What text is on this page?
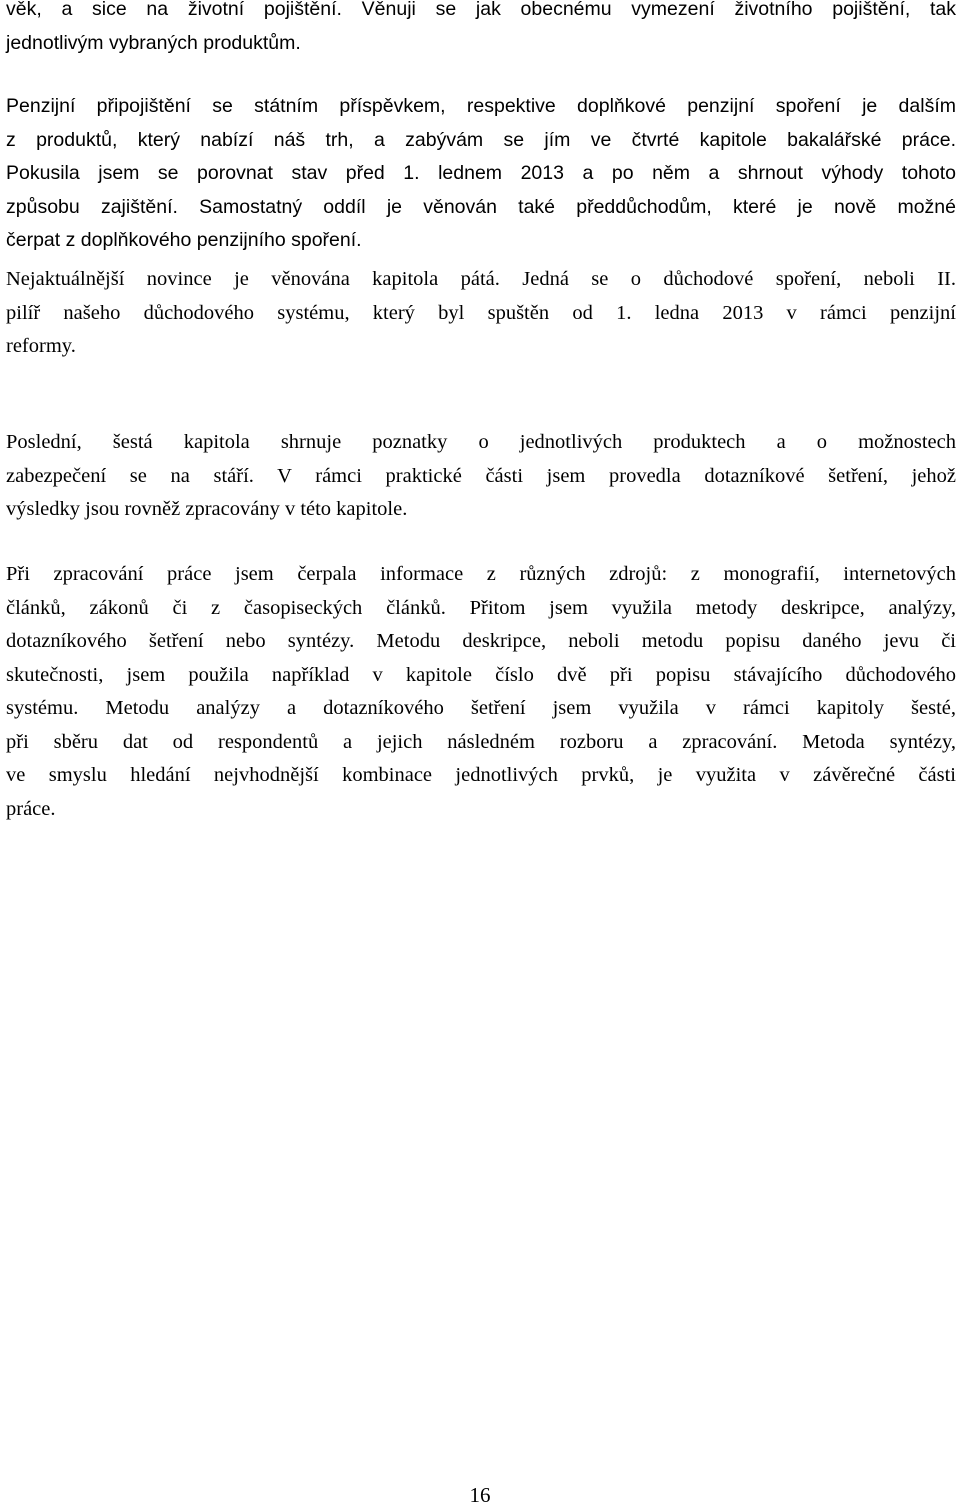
věk, a sice na životní pojištění. Věnuji se jak obecnému vymezení životního pojištění, tak
jednotlivým vybraných produktům.

Penzijní připojištění se státním příspěvkem, respektive doplňkové penzijní spoření je dalším
z produktů, který nabízí náš trh, a zabývám se jím ve čtvrté kapitole bakalářské práce.
Pokusila jsem se porovnat stav před 1. lednem 2013 a po něm a shrnout výhody tohoto
způsobu zajištění. Samostatný oddíl je věnován také předdůchodům, které je nově možné
čerpat z doplňkového penzijního spoření.

Nejaktuálnější novince je věnována kapitola pátá. Jedná se o důchodové spoření, neboli II.
pilíř našeho důchodového systému, který byl spuštěn od 1. ledna 2013 v rámci penzijní
reformy.

Poslední, šestá kapitola shrnuje poznatky o jednotlivých produktech a o možnostech
zabezpečení se na stáří. V rámci praktické části jsem provedla dotazníkové šetření, jehož
výsledky jsou rovněž zpracovány v této kapitole.

Při zpracování práce jsem čerpala informace z různých zdrojů: z monografií, internetových
článků, zákonů či z časopiseckých článků. Přitom jsem využila metody deskripce, analýzy,
dotazníkového šetření nebo syntézy. Metodu deskripce, neboli metodu popisu daného jevu či
skutečnosti, jsem použila například v kapitole číslo dvě při popisu stávajícího důchodového
systému. Metodu analýzy a dotazníkového šetření jsem využila v rámci kapitoly šesté,
při sběru dat od respondentů a jejich následném rozboru a zpracování. Metoda syntézy,
ve smyslu hledání nejvhodnější kombinace jednotlivých prvků, je využita v závěrečné části
práce.

16
